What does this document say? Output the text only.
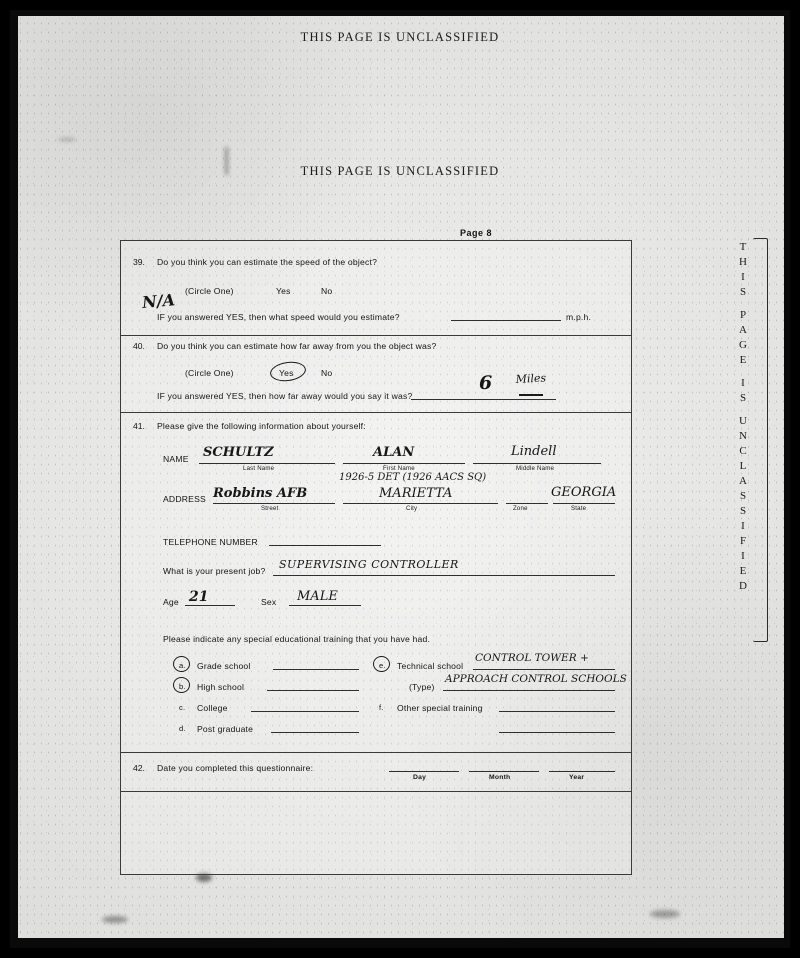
THIS PAGE IS UNCLASSIFIED
THIS PAGE IS UNCLASSIFIED
T
H
I
S

P
A
G
E

I
S

U
N
C
L
A
S
S
I
F
I
E
D
Page 8
39. Do you think you can estimate the speed of the object?
(Circle One)	Yes	No
N/A
IF you answered YES, then what speed would you estimate?	m.p.h.
40. Do you think you can estimate how far away from you the object was?
(Circle One)	Yes	No
IF you answered YES, then how far away would you say it was?
6 Miles
41. Please give the following information about yourself:
NAME SCHULTZ	ALAN	Lindell
Last Name	First Name	Middle Name
1926-5 DET (1926 AACS SQ)
ADDRESS Robbins AFB	MARIETTA	GEORGIA
Street	City	Zone	State
TELEPHONE NUMBER
What is your present job? SUPERVISING CONTROLLER
Age 21	Sex MALE
Please indicate any special educational training that you have had.
a. Grade school
b. High school
c. College
d. Post graduate
e. Technical school
CONTROL TOWER +
(Type)
APPROACH CONTROL SCHOOLS
f. Other special training
42. Date you completed this questionnaire:
Day	Month	Year
